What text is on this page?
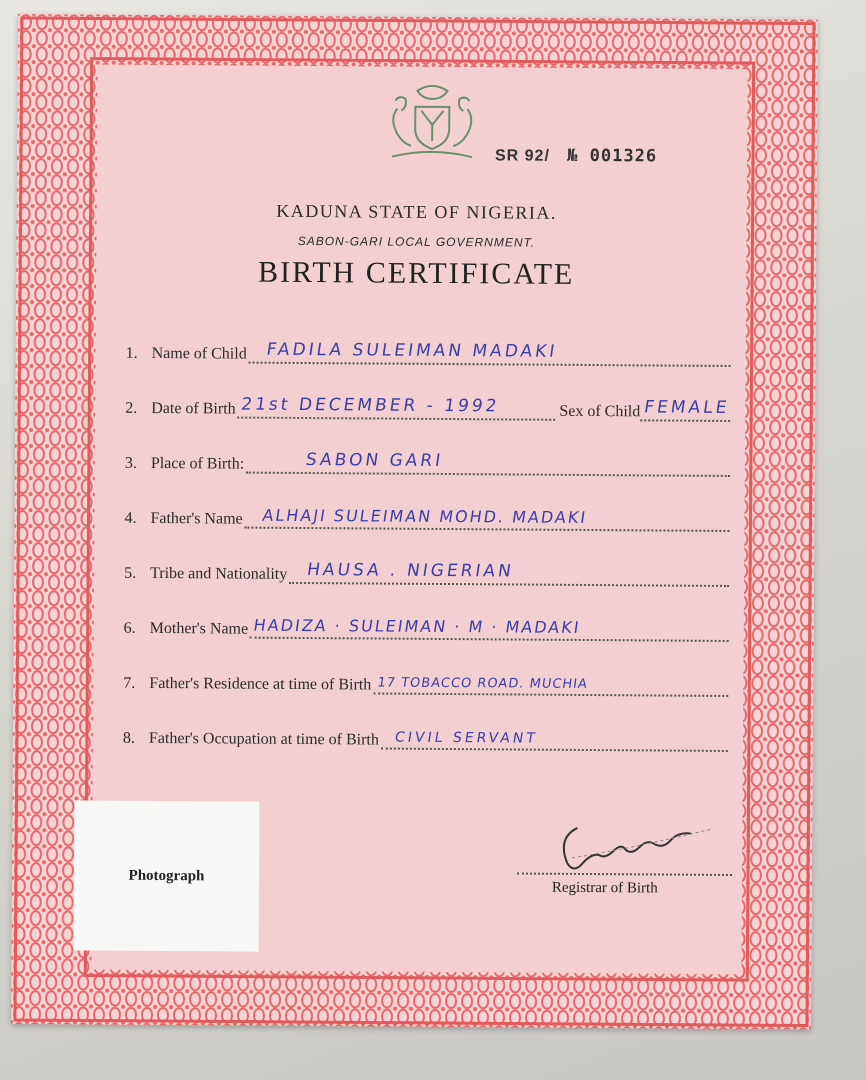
SR 92/ № 001326
KADUNA STATE OF NIGERIA.
SABON-GARI LOCAL GOVERNMENT.
BIRTH CERTIFICATE
1. Name of Child FADILA SULEIMAN MADAKI
2. Date of Birth 21st DECEMBER - 1992	Sex of Child FEMALE
3. Place of Birth:	SABON GARI
4. Father's Name ALHAJI SULEIMAN MOHD. MADAKI
5. Tribe and Nationality HAUSA . NIGERIAN
6. Mother's Name HADIZA · SULEIMAN · M · MADAKI
7. Father's Residence at time of Birth 17 TOBACCO ROAD. MUCHIA
8. Father's Occupation at time of Birth CIVIL SERVANT
Photograph
Registrar of Birth
